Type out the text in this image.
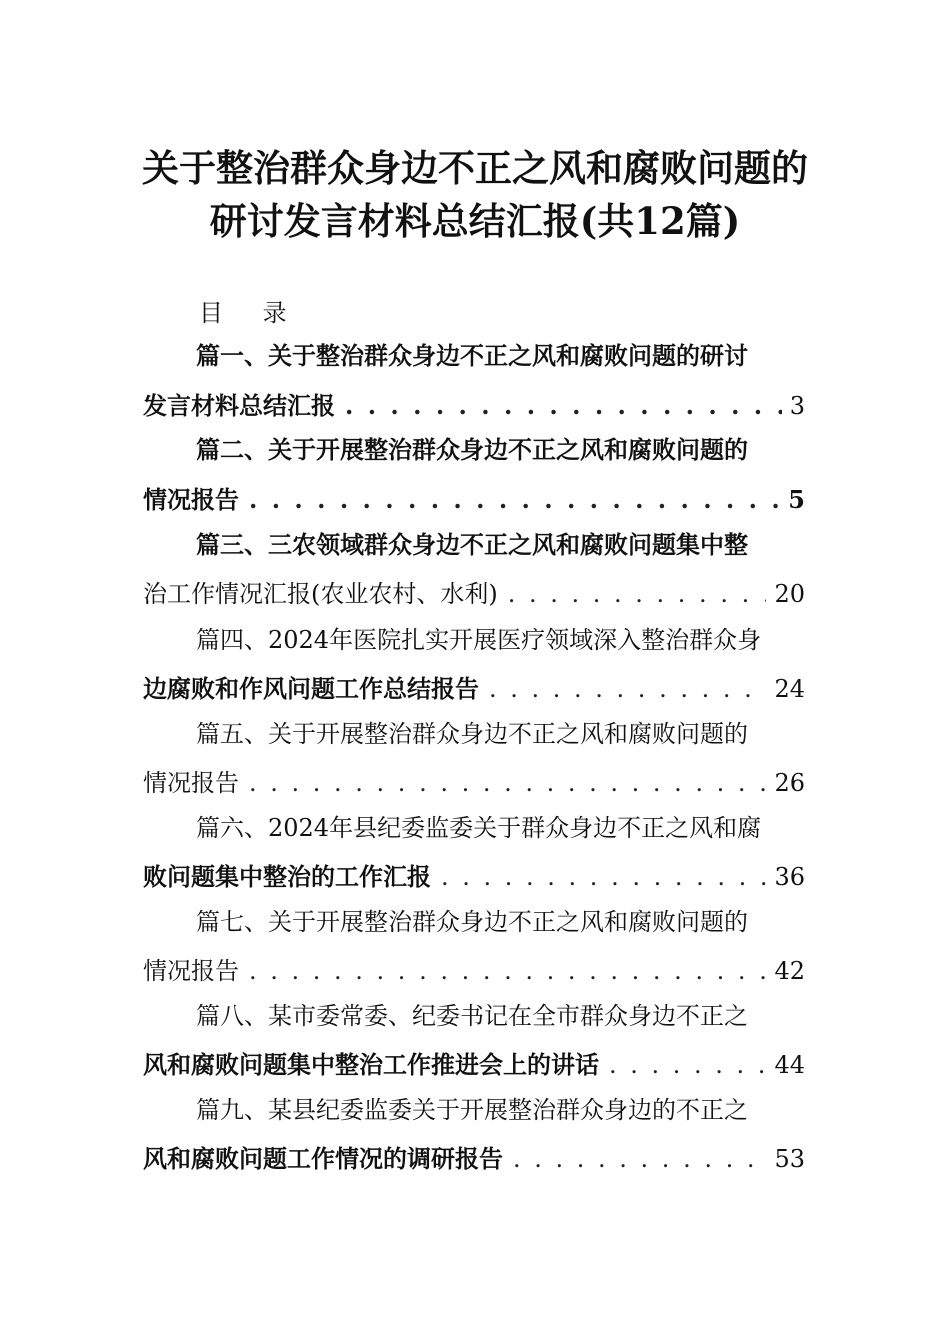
关于整治群众身边不正之风和腐败问题的
研讨发言材料总结汇报(共12篇)
目 录
篇一、关于整治群众身边不正之风和腐败问题的研讨
发言材料总结汇报 . . .	3
篇二、关于开展整治群众身边不正之风和腐败问题的
情况报告 . . .	5
篇三、三农领域群众身边不正之风和腐败问题集中整
治工作情况汇报(农业农村、水利) . . .	20
篇四、2024年医院扎实开展医疗领域深入整治群众身
边腐败和作风问题工作总结报告 . . .	24
篇五、关于开展整治群众身边不正之风和腐败问题的
情况报告 . . .	26
篇六、2024年县纪委监委关于群众身边不正之风和腐
败问题集中整治的工作汇报 . . .	36
篇七、关于开展整治群众身边不正之风和腐败问题的
情况报告 . . .	42
篇八、某市委常委、纪委书记在全市群众身边不正之
风和腐败问题集中整治工作推进会上的讲话 . . .	44
篇九、某县纪委监委关于开展整治群众身边的不正之
风和腐败问题工作情况的调研报告 . . .	53
